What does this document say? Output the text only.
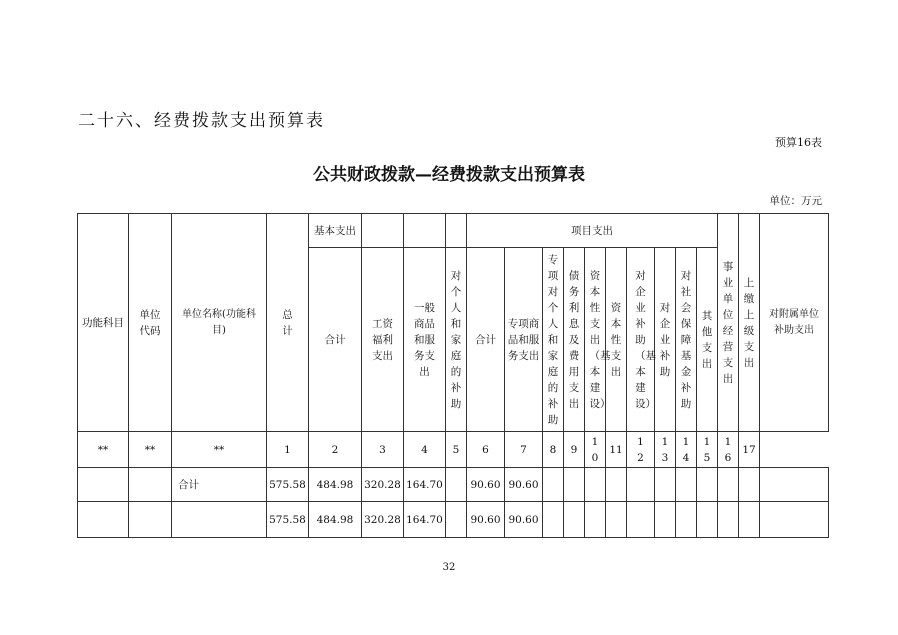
二十六、经费拨款支出预算表
预算16表
公共财政拨款—经费拨款支出预算表
单位：万元
功能科目	单位代码	单位名称(功能科目)	总计	基本支出				项目支出										事业单位经营支出	上缴上级支出	对附属单位补助支出
				合计	工资福利支出	一般商品和服务支出	对个人和家庭的补助	合计	专项商品和服务支出	专项对个人和家庭的补助	债务利息及费用支出	资本性支出（基本建设）	资本性支出	对企业补助（基本建设）	对企业补助	对社会保障基金补助	其他支出			
**	**	**	1	2	3	4	5	6	7	8	9	10	11	12	13	14	15	16	17	
		合计	575.58	484.98	320.28	164.70		90.60	90.60											
			575.58	484.98	320.28	164.70		90.60	90.60											
32
